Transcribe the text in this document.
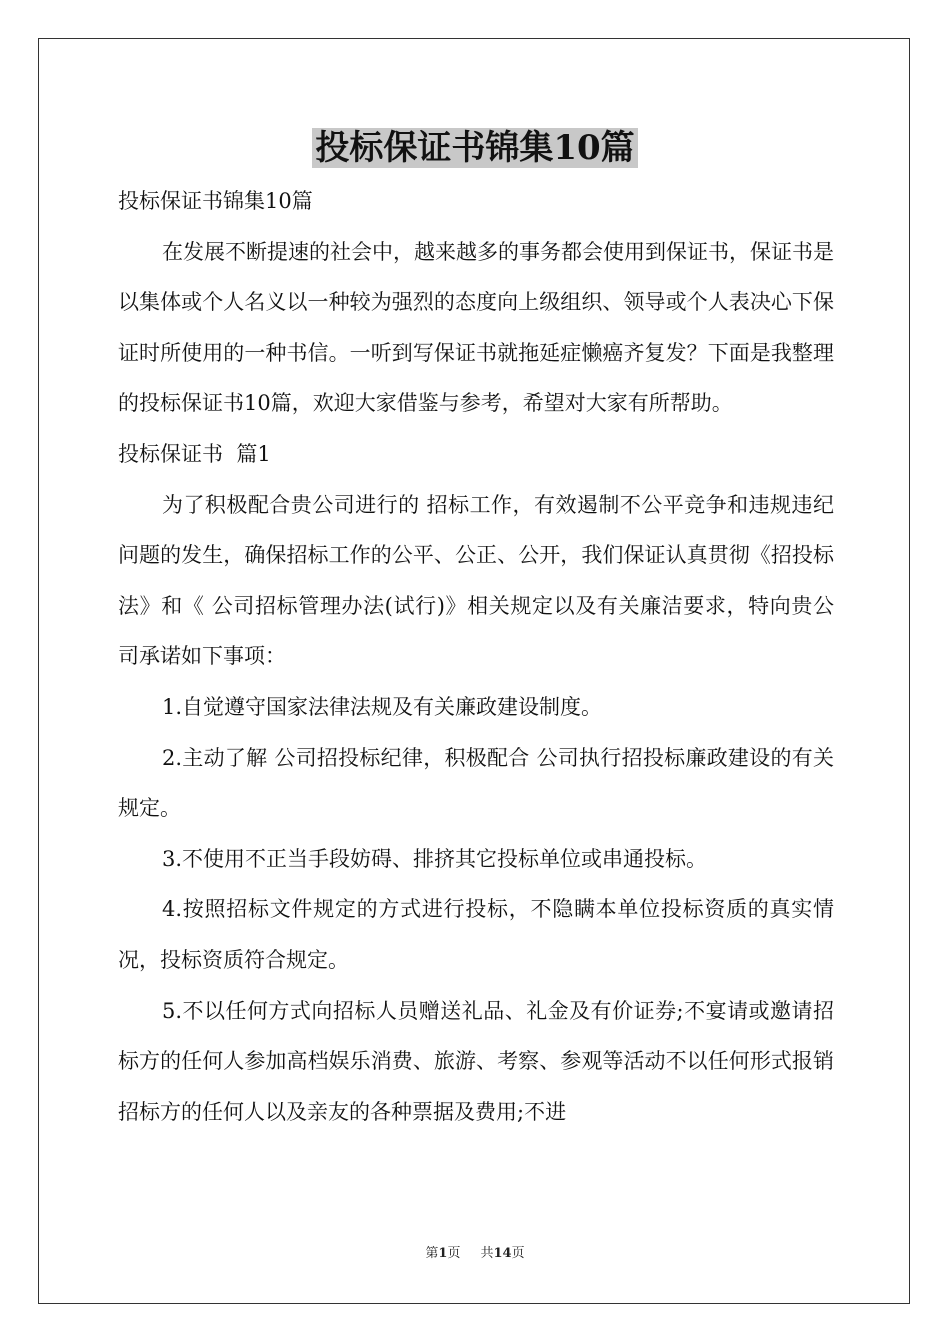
投标保证书锦集10篇

投标保证书锦集10篇

在发展不断提速的社会中，越来越多的事务都会使用到保证书，保证书是以集体或个人名义以一种较为强烈的态度向上级组织、领导或个人表决心下保证时所使用的一种书信。一听到写保证书就拖延症懒癌齐复发？下面是我整理的投标保证书10篇，欢迎大家借鉴与参考，希望对大家有所帮助。

投标保证书  篇1

为了积极配合贵公司进行的 招标工作，有效遏制不公平竞争和违规违纪问题的发生，确保招标工作的公平、公正、公开，我们保证认真贯彻《招投标法》和《 公司招标管理办法(试行)》相关规定以及有关廉洁要求，特向贵公司承诺如下事项：

1.自觉遵守国家法律法规及有关廉政建设制度。

2.主动了解 公司招投标纪律，积极配合 公司执行招投标廉政建设的有关规定。

3.不使用不正当手段妨碍、排挤其它投标单位或串通投标。

4.按照招标文件规定的方式进行投标，不隐瞒本单位投标资质的真实情况，投标资质符合规定。

5.不以任何方式向招标人员赠送礼品、礼金及有价证券;不宴请或邀请招标方的任何人参加高档娱乐消费、旅游、考察、参观等活动不以任何形式报销招标方的任何人以及亲友的各种票据及费用;不进

第1页 共14页
